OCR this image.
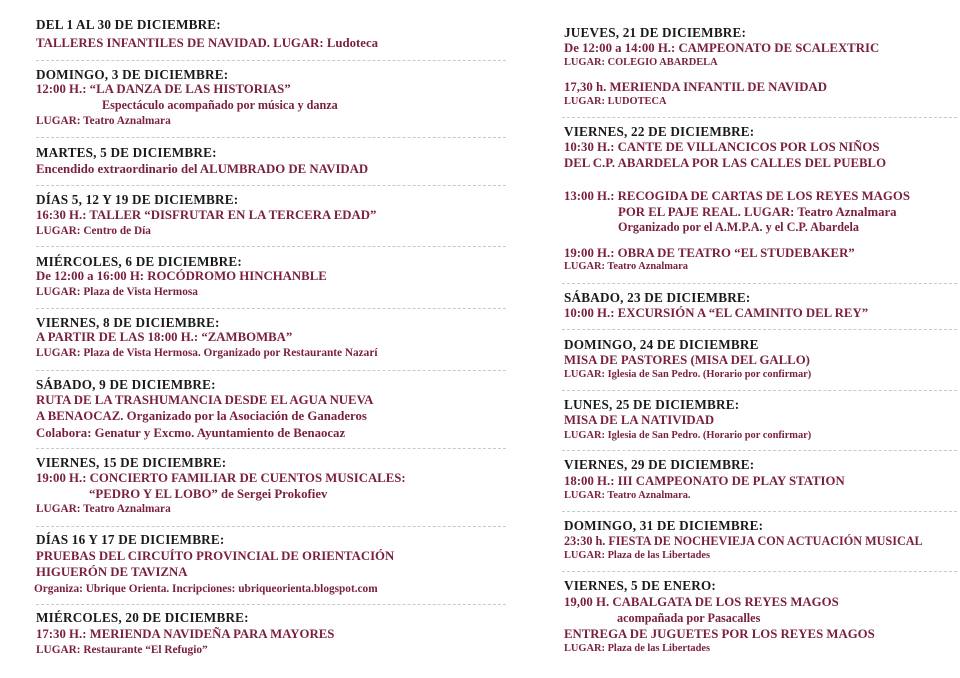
DEL 1 AL 30 DE DICIEMBRE:
TALLERES INFANTILES DE NAVIDAD. LUGAR: Ludoteca
DOMINGO, 3 DE DICIEMBRE:
12:00 H.: “LA DANZA DE LAS HISTORIAS”
Espectáculo acompañado por música y danza
LUGAR: Teatro Aznalmara
MARTES, 5 DE DICIEMBRE:
Encendido extraordinario del ALUMBRADO DE NAVIDAD
DÍAS 5, 12 Y 19 DE DICIEMBRE:
16:30 H.: TALLER “DISFRUTAR EN LA TERCERA EDAD”
LUGAR: Centro de Día
MIÉRCOLES, 6 DE DICIEMBRE:
De 12:00 a 16:00 H: ROCÓDROMO HINCHANBLE
LUGAR: Plaza de Vista Hermosa
VIERNES, 8 DE DICIEMBRE:
A PARTIR DE LAS 18:00 H.: “ZAMBOMBA”
LUGAR: Plaza de Vista Hermosa. Organizado por Restaurante Nazarí
SÁBADO, 9 DE DICIEMBRE:
RUTA DE LA TRASHUMANCIA DESDE EL AGUA NUEVA
A BENAOCAZ. Organizado por la Asociación de Ganaderos
Colabora: Genatur y Excmo. Ayuntamiento de Benaocaz
VIERNES, 15 DE DICIEMBRE:
19:00 H.: CONCIERTO FAMILIAR DE CUENTOS MUSICALES:
“PEDRO Y EL LOBO” de Sergei Prokofiev
LUGAR: Teatro Aznalmara
DÍAS 16 Y 17 DE DICIEMBRE:
PRUEBAS DEL CIRCUÍTO PROVINCIAL DE ORIENTACIÓN
HIGUERÓN DE TAVIZNA
Organiza: Ubrique Orienta. Incripciones: ubriqueorienta.blogspot.com
MIÉRCOLES, 20 DE DICIEMBRE:
17:30 H.: MERIENDA NAVIDEÑA PARA MAYORES
LUGAR: Restaurante “El Refugio”
JUEVES, 21 DE DICIEMBRE:
De 12:00 a 14:00 H.: CAMPEONATO DE SCALEXTRIC
LUGAR: COLEGIO ABARDELA
17,30 h. MERIENDA INFANTIL DE NAVIDAD
LUGAR: LUDOTECA
VIERNES, 22 DE DICIEMBRE:
10:30 H.: CANTE DE VILLANCICOS POR LOS NIÑOS
DEL C.P. ABARDELA POR LAS CALLES DEL PUEBLO
13:00 H.: RECOGIDA DE CARTAS DE LOS REYES MAGOS
POR EL PAJE REAL. LUGAR: Teatro Aznalmara
Organizado por el A.M.P.A. y el C.P. Abardela
19:00 H.: OBRA DE TEATRO “EL STUDEBAKER”
LUGAR: Teatro Aznalmara
SÁBADO, 23 DE DICIEMBRE:
10:00 H.: EXCURSIÓN A “EL CAMINITO DEL REY”
DOMINGO, 24 DE DICIEMBRE
MISA DE PASTORES (MISA DEL GALLO)
LUGAR: Iglesia de San Pedro. (Horario por confirmar)
LUNES, 25 DE DICIEMBRE:
MISA DE LA NATIVIDAD
LUGAR: Iglesia de San Pedro. (Horario por confirmar)
VIERNES, 29 DE DICIEMBRE:
18:00 H.: III CAMPEONATO DE PLAY STATION
LUGAR: Teatro Aznalmara.
DOMINGO, 31 DE DICIEMBRE:
23:30 h. FIESTA DE NOCHEVIEJA CON ACTUACIÓN MUSICAL
LUGAR: Plaza de las Libertades
VIERNES, 5 DE ENERO:
19,00 H. CABALGATA DE LOS REYES MAGOS
acompañada por Pasacalles
ENTREGA DE JUGUETES POR LOS REYES MAGOS
LUGAR: Plaza de las Libertades
